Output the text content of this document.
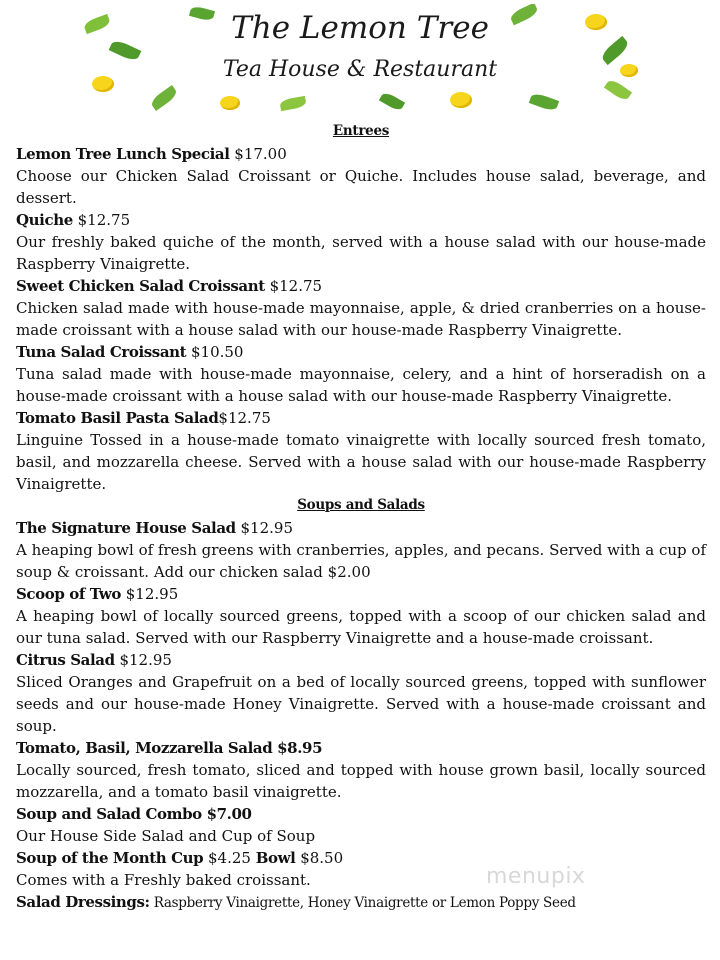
The Lemon Tree
Tea House & Restaurant
Entrees
Lemon Tree Lunch Special $17.00
Choose our Chicken Salad Croissant or Quiche. Includes house salad, beverage, and dessert.
Quiche $12.75
Our freshly baked quiche of the month, served with a house salad with our house-made Raspberry Vinaigrette.
Sweet Chicken Salad Croissant $12.75
Chicken salad made with house-made mayonnaise, apple, & dried cranberries on a house-made croissant with a house salad with our house-made Raspberry Vinaigrette.
Tuna Salad Croissant $10.50
Tuna salad made with house-made mayonnaise, celery, and a hint of horseradish on a house-made croissant with a house salad with our house-made Raspberry Vinaigrette.
Tomato Basil Pasta Salad$12.75
Linguine Tossed in a house-made tomato vinaigrette with locally sourced fresh tomato, basil, and mozzarella cheese. Served with a house salad with our house-made Raspberry Vinaigrette.
Soups and Salads
The Signature House Salad $12.95
A heaping bowl of fresh greens with cranberries, apples, and pecans. Served with a cup of soup & croissant. Add our chicken salad $2.00
Scoop of Two $12.95
A heaping bowl of locally sourced greens, topped with a scoop of our chicken salad and our tuna salad. Served with our Raspberry Vinaigrette and a house-made croissant.
Citrus Salad $12.95
Sliced Oranges and Grapefruit on a bed of locally sourced greens, topped with sunflower seeds and our house-made Honey Vinaigrette. Served with a house-made croissant and soup.
Tomato, Basil, Mozzarella Salad $8.95
Locally sourced, fresh tomato, sliced and topped with house grown basil, locally sourced mozzarella, and a tomato basil vinaigrette.
Soup and Salad Combo $7.00
Our House Side Salad and Cup of Soup
Soup of the Month Cup $4.25 Bowl $8.50
Comes with a Freshly baked croissant.
Salad Dressings: Raspberry Vinaigrette, Honey Vinaigrette or Lemon Poppy Seed
menupix
